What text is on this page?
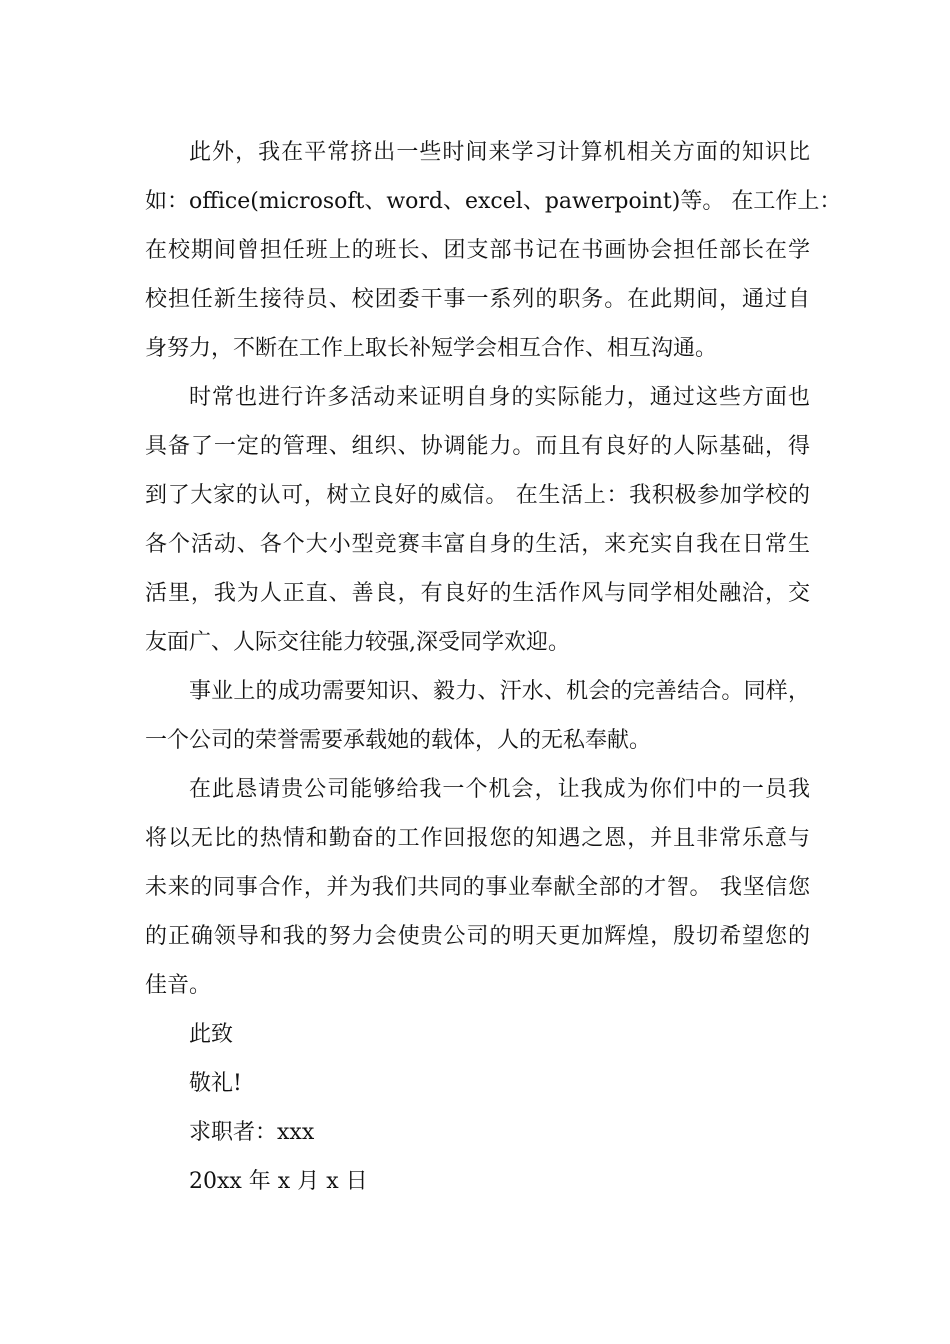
此外，我在平常挤出一些时间来学习计算机相关方面的知识比
如：office(microsoft、word、excel、pawerpoint)等。 在工作上：
在校期间曾担任班上的班长、团支部书记在书画协会担任部长在学
校担任新生接待员、校团委干事一系列的职务。在此期间，通过自
身努力，不断在工作上取长补短学会相互合作、相互沟通。
时常也进行许多活动来证明自身的实际能力，通过这些方面也
具备了一定的管理、组织、协调能力。而且有良好的人际基础，得
到了大家的认可，树立良好的威信。 在生活上：我积极参加学校的
各个活动、各个大小型竞赛丰富自身的生活，来充实自我在日常生
活里，我为人正直、善良，有良好的生活作风与同学相处融洽，交
友面广、人际交往能力较强,深受同学欢迎。
事业上的成功需要知识、毅力、汗水、机会的完善结合。同样，
一个公司的荣誉需要承载她的载体，人的无私奉献。
在此恳请贵公司能够给我一个机会，让我成为你们中的一员我
将以无比的热情和勤奋的工作回报您的知遇之恩，并且非常乐意与
未来的同事合作，并为我们共同的事业奉献全部的才智。 我坚信您
的正确领导和我的努力会使贵公司的明天更加辉煌，殷切希望您的
佳音。
此致
敬礼!
求职者：xxx
20xx 年 x 月 x 日
